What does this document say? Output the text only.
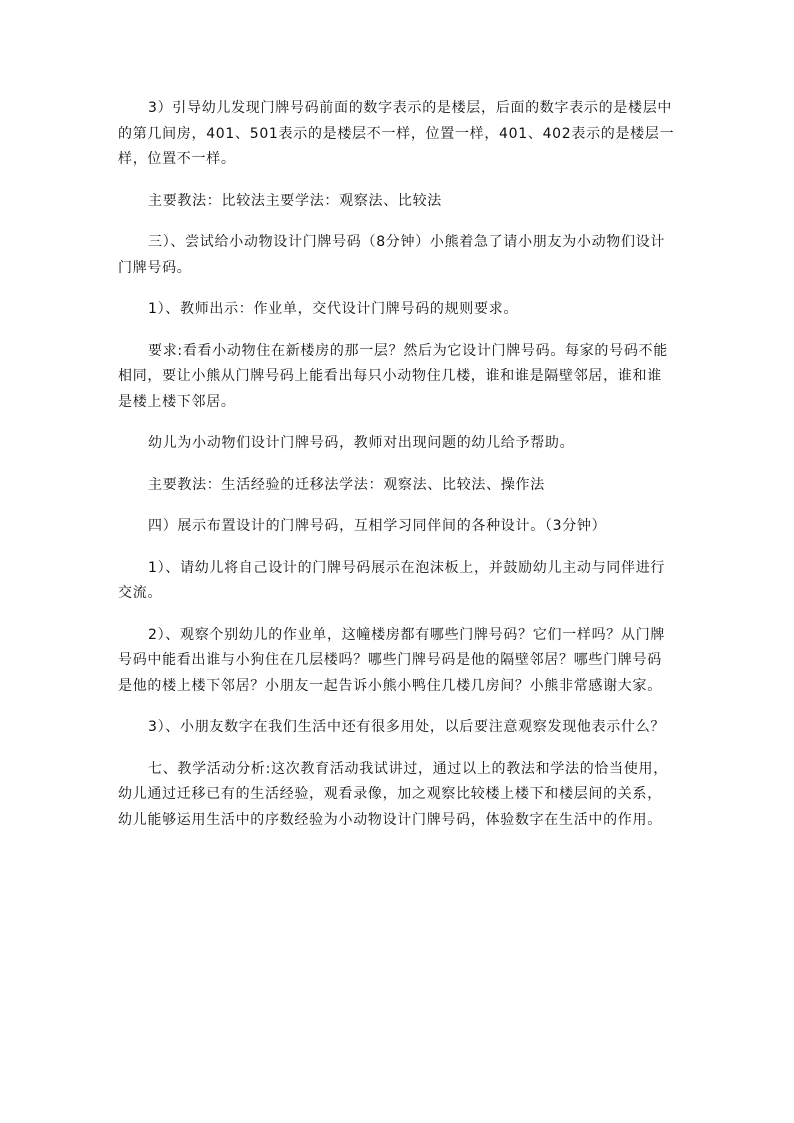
3）引导幼儿发现门牌号码前面的数字表示的是楼层，后面的数字表示的是楼层中的第几间房，401、501表示的是楼层不一样，位置一样，401、402表示的是楼层一样，位置不一样。

主要教法：比较法主要学法：观察法、比较法

三）、尝试给小动物设计门牌号码（8分钟）小熊着急了请小朋友为小动物们设计门牌号码。

1）、教师出示：作业单，交代设计门牌号码的规则要求。

要求:看看小动物住在新楼房的那一层？然后为它设计门牌号码。每家的号码不能相同，要让小熊从门牌号码上能看出每只小动物住几楼，谁和谁是隔壁邻居，谁和谁是楼上楼下邻居。

幼儿为小动物们设计门牌号码，教师对出现问题的幼儿给予帮助。

主要教法：生活经验的迁移法学法：观察法、比较法、操作法

四）展示布置设计的门牌号码，互相学习同伴间的各种设计。（3分钟）

1）、请幼儿将自己设计的门牌号码展示在泡沫板上，并鼓励幼儿主动与同伴进行交流。

2）、观察个别幼儿的作业单，这幢楼房都有哪些门牌号码？它们一样吗？从门牌号码中能看出谁与小狗住在几层楼吗？哪些门牌号码是他的隔壁邻居？哪些门牌号码是他的楼上楼下邻居？小朋友一起告诉小熊小鸭住几楼几房间？小熊非常感谢大家。

3）、小朋友数字在我们生活中还有很多用处，以后要注意观察发现他表示什么？

七、教学活动分析:这次教育活动我试讲过，通过以上的教法和学法的恰当使用，幼儿通过迁移已有的生活经验，观看录像，加之观察比较楼上楼下和楼层间的关系，幼儿能够运用生活中的序数经验为小动物设计门牌号码，体验数字在生活中的作用。
